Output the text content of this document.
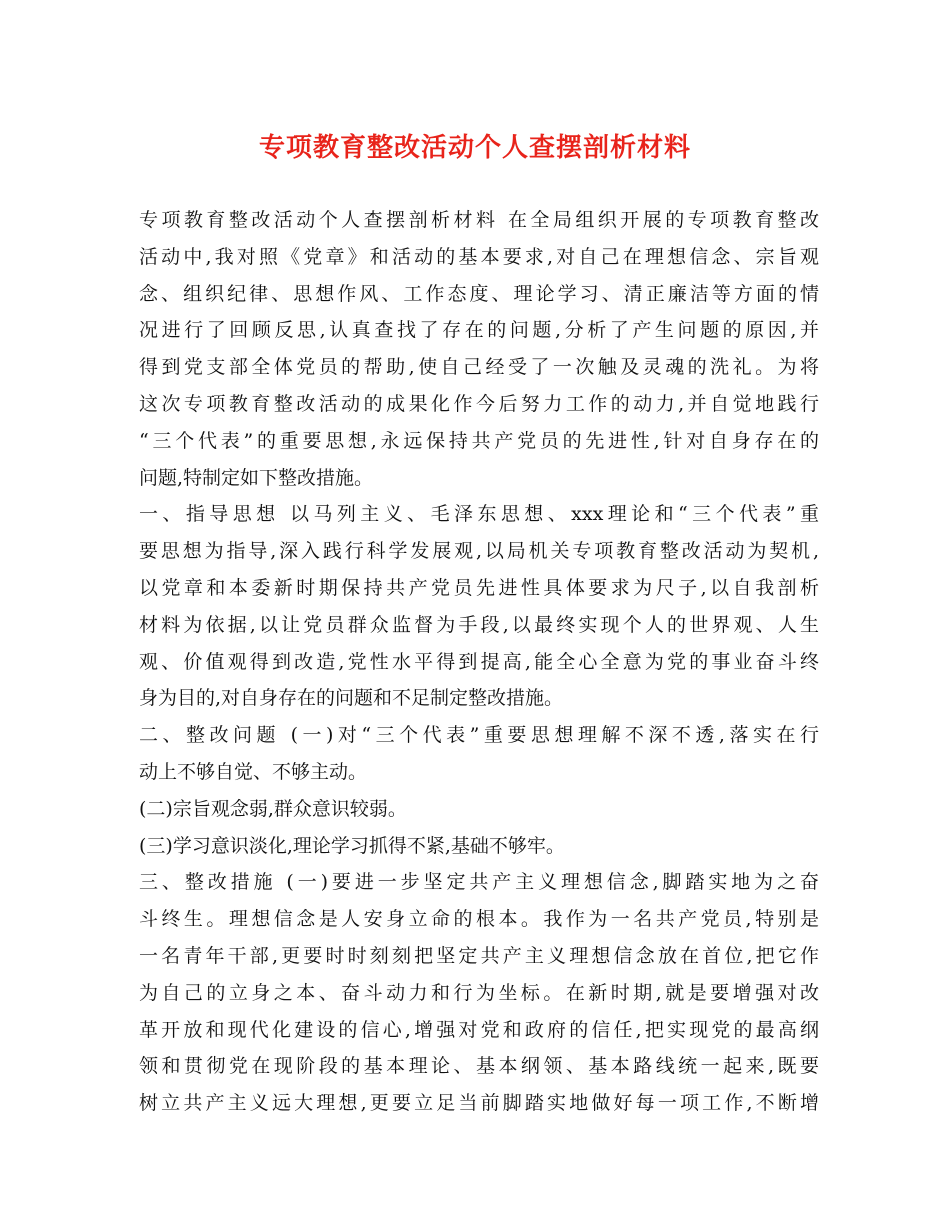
专项教育整改活动个人查摆剖析材料
专项教育整改活动个人查摆剖析材料 在全局组织开展的专项教育整改
活动中,我对照《党章》和活动的基本要求,对自己在理想信念、宗旨观
念、组织纪律、思想作风、工作态度、理论学习、清正廉洁等方面的情
况进行了回顾反思,认真查找了存在的问题,分析了产生问题的原因,并
得到党支部全体党员的帮助,使自己经受了一次触及灵魂的洗礼。为将
这次专项教育整改活动的成果化作今后努力工作的动力,并自觉地践行
“三个代表”的重要思想,永远保持共产党员的先进性,针对自身存在的
问题,特制定如下整改措施。
一、指导思想 以马列主义、毛泽东思想、xxx理论和“三个代表”重
要思想为指导,深入践行科学发展观,以局机关专项教育整改活动为契机,
以党章和本委新时期保持共产党员先进性具体要求为尺子,以自我剖析
材料为依据,以让党员群众监督为手段,以最终实现个人的世界观、人生
观、价值观得到改造,党性水平得到提高,能全心全意为党的事业奋斗终
身为目的,对自身存在的问题和不足制定整改措施。
二、整改问题 (一)对“三个代表”重要思想理解不深不透,落实在行
动上不够自觉、不够主动。
(二)宗旨观念弱,群众意识较弱。
(三)学习意识淡化,理论学习抓得不紧,基础不够牢。
三、整改措施 (一)要进一步坚定共产主义理想信念,脚踏实地为之奋
斗终生。理想信念是人安身立命的根本。我作为一名共产党员,特别是
一名青年干部,更要时时刻刻把坚定共产主义理想信念放在首位,把它作
为自己的立身之本、奋斗动力和行为坐标。在新时期,就是要增强对改
革开放和现代化建设的信心,增强对党和政府的信任,把实现党的最高纲
领和贯彻党在现阶段的基本理论、基本纲领、基本路线统一起来,既要
树立共产主义远大理想,更要立足当前脚踏实地做好每一项工作,不断增
